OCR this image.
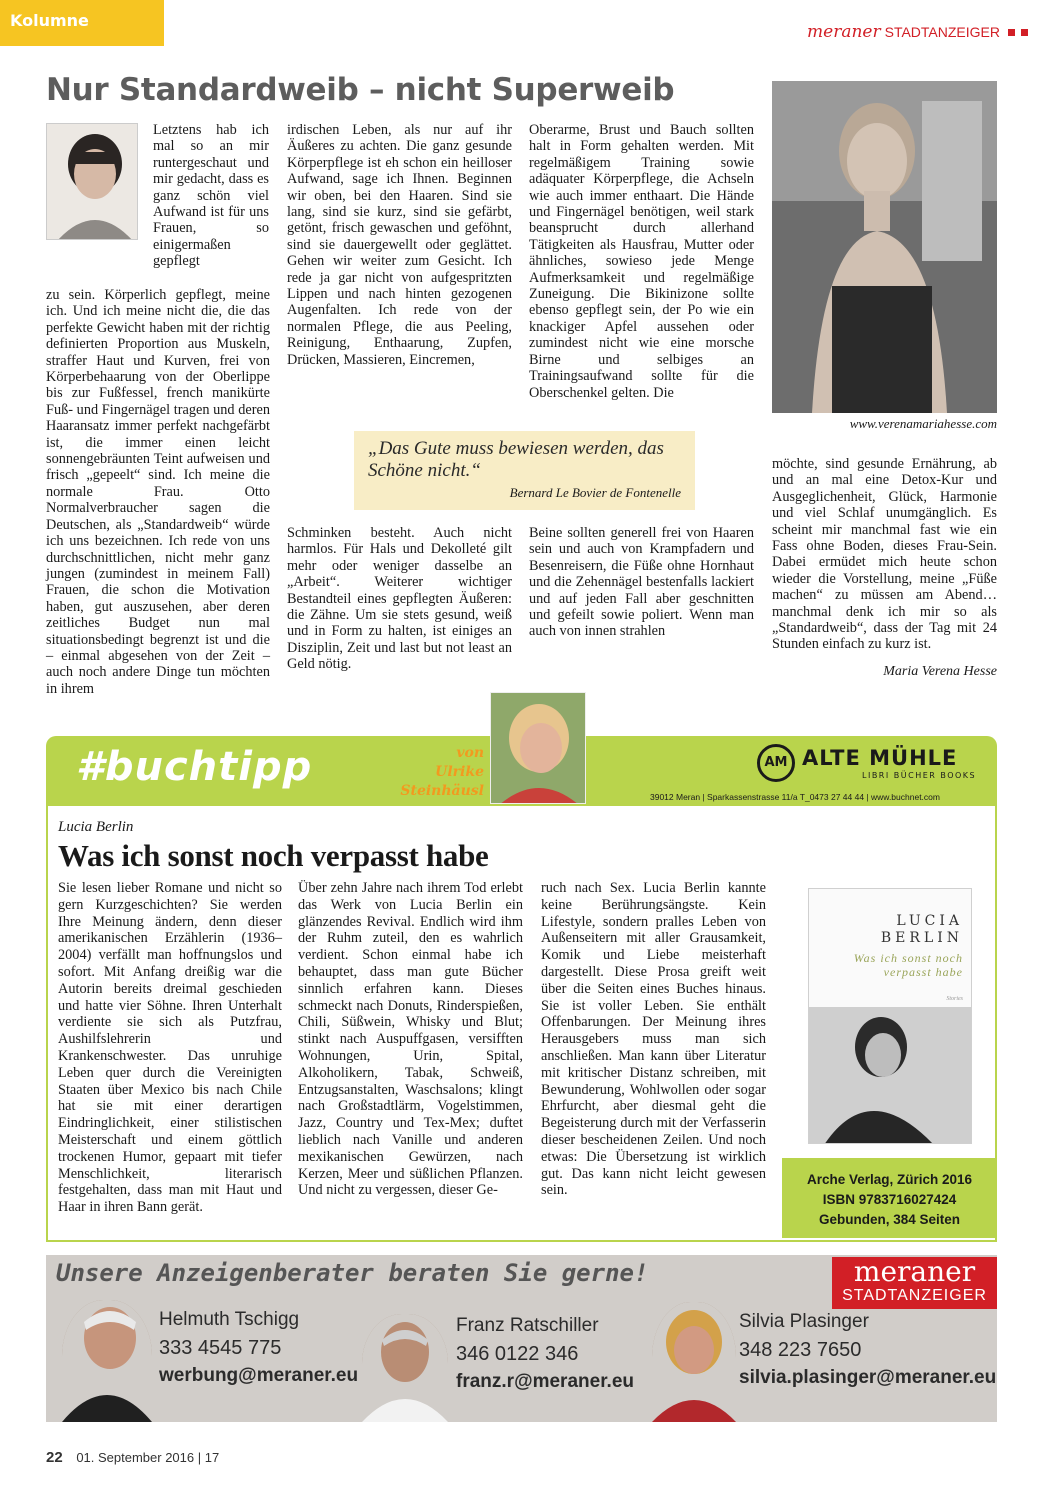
Kolumne
meraner STADTANZEIGER
Nur Standardweib – nicht Superweib
Letztens hab ich mal so an mir runtergeschaut und mir gedacht, dass es ganz schön viel Aufwand ist für uns Frauen, so einigermaßen gepflegt
zu sein. Körperlich gepflegt, meine ich. Und ich meine nicht die, die das perfekte Gewicht haben mit der richtig definierten Proportion aus Muskeln, straffer Haut und Kurven, frei von Körperbehaarung von der Oberlippe bis zur Fußfessel, french manikürte Fuß- und Fingernägel tragen und deren Haaransatz immer perfekt nachgefärbt ist, die immer einen leicht sonnengebräunten Teint aufweisen und frisch „gepeelt“ sind. Ich meine die normale Frau. Otto Normalverbraucher sagen die Deutschen, als „Standardweib“ würde ich uns bezeichnen. Ich rede von uns durchschnittlichen, nicht mehr ganz jungen (zumindest in meinem Fall) Frauen, die schon die Motivation haben, gut auszusehen, aber deren zeitliches Budget nun mal situationsbedingt begrenzt ist und die – einmal abgesehen von der Zeit – auch noch andere Dinge tun möchten in ihrem
irdischen Leben, als nur auf ihr Äußeres zu achten. Die ganz gesunde Körperpflege ist eh schon ein heilloser Aufwand, sage ich Ihnen. Beginnen wir oben, bei den Haaren. Sind sie lang, sind sie kurz, sind sie gefärbt, getönt, frisch gewaschen und geföhnt, sind sie dauergewellt oder geglättet. Gehen wir weiter zum Gesicht. Ich rede ja gar nicht von aufgespritzten Lippen und nach hinten gezogenen Augenfalten. Ich rede von der normalen Pflege, die aus Peeling, Reinigung, Enthaarung, Zupfen, Drücken, Massieren, Eincremen,
Oberarme, Brust und Bauch sollten halt in Form gehalten werden. Mit regelmäßigem Training sowie adäquater Körperpflege, die Achseln wie auch immer enthaart. Die Hände und Fingernägel benötigen, weil stark beansprucht durch allerhand Tätigkeiten als Hausfrau, Mutter oder ähnliches, sowieso jede Menge Aufmerksamkeit und regelmäßige Zuneigung. Die Bikinizone sollte ebenso gepflegt sein, der Po wie ein knackiger Apfel aussehen oder zumindest nicht wie eine morsche Birne und selbiges an Trainingsaufwand sollte für die Oberschenkel gelten. Die
Schminken besteht. Auch nicht harmlos. Für Hals und Dekolleté gilt mehr oder weniger dasselbe an „Arbeit“. Weiterer wichtiger Bestandteil eines gepflegten Äußeren: die Zähne. Um sie stets gesund, weiß und in Form zu halten, ist einiges an Disziplin, Zeit und last but not least an Geld nötig.
Beine sollten generell frei von Haaren sein und auch von Krampfadern und Besenreisern, die Füße ohne Hornhaut und die Zehennägel bestenfalls lackiert und auf jeden Fall aber geschnitten und gefeilt sowie poliert. Wenn man auch von innen strahlen
möchte, sind gesunde Ernährung, ab und an mal eine Detox-Kur und Ausgeglichenheit, Glück, Harmonie und viel Schlaf unumgänglich. Es scheint mir manchmal fast wie ein Fass ohne Boden, dieses Frau-Sein. Dabei ermüdet mich heute schon wieder die Vorstellung, meine „Füße machen“ zu müssen am Abend… manchmal denk ich mir so als „Standardweib“, dass der Tag mit 24 Stunden einfach zu kurz ist.
www.verenamariahesse.com
„Das Gute muss bewiesen werden, das Schöne nicht.“
Bernard Le Bovier de Fontenelle
Maria Verena Hesse
#buchtipp	von
Ulrike
Steinhäusl
AM ALTE MÜHLE
LIBRI BÜCHER BOOKS
39012 Meran | Sparkassenstrasse 11/a T_0473 27 44 44 | www.buchnet.com
Lucia Berlin
Was ich sonst noch verpasst habe
Sie lesen lieber Romane und nicht so gern Kurzgeschichten? Sie werden Ihre Meinung ändern, denn dieser amerikanischen Erzählerin (1936–2004) verfällt man hoffnungslos und sofort. Mit Anfang dreißig war die Autorin bereits dreimal geschieden und hatte vier Söhne. Ihren Unterhalt verdiente sie sich als Putzfrau, Aushilfslehrerin und Krankenschwester. Das unruhige Leben quer durch die Vereinigten Staaten über Mexico bis nach Chile hat sie mit einer derartigen Eindringlichkeit, einer stilistischen Meisterschaft und einem göttlich trockenen Humor, gepaart mit tiefer Menschlichkeit, literarisch festgehalten, dass man mit Haut und Haar in ihren Bann gerät.
Über zehn Jahre nach ihrem Tod erlebt das Werk von Lucia Berlin ein glänzendes Revival. Endlich wird ihm der Ruhm zuteil, den es wahrlich verdient. Schon einmal habe ich behauptet, dass man gute Bücher sinnlich erfahren kann. Dieses schmeckt nach Donuts, Rinderspießen, Chili, Süßwein, Whisky und Blut; stinkt nach Auspuffgasen, versifften Wohnungen, Urin, Spital, Alkoholikern, Tabak, Schweiß, Entzugsanstalten, Waschsalons; klingt nach Großstadtlärm, Vogelstimmen, Jazz, Country und Tex-Mex; duftet lieblich nach Vanille und anderen mexikanischen Gewürzen, nach Kerzen, Meer und süßlichen Pflanzen. Und nicht zu vergessen, dieser Ge-
ruch nach Sex. Lucia Berlin kannte keine Berührungsängste. Kein Lifestyle, sondern pralles Leben von Außenseitern mit aller Grausamkeit, Komik und Liebe meisterhaft dargestellt. Diese Prosa greift weit über die Seiten eines Buches hinaus. Sie ist voller Leben. Sie enthält Offenbarungen. Der Meinung ihres Herausgebers muss man sich anschließen. Man kann über Literatur mit kritischer Distanz schreiben, mit Bewunderung, Wohlwollen oder sogar Ehrfurcht, aber diesmal geht die Begeisterung durch mit der Verfasserin dieser bescheidenen Zeilen. Und noch etwas: Die Übersetzung ist wirklich gut. Das kann nicht leicht gewesen sein.
LUCIA
BERLIN
Was ich sonst noch verpasst habe
Stories
Arche Verlag, Zürich 2016
ISBN 9783716027424
Gebunden, 384 Seiten
Unsere Anzeigenberater beraten Sie gerne!	meraner
STADTANZEIGER
Helmuth Tschigg
333 4545 775
werbung@meraner.eu
Franz Ratschiller
346 0122 346
franz.r@meraner.eu
Silvia Plasinger
348 223 7650
silvia.plasinger@meraner.eu
22 01. September 2016 | 17
